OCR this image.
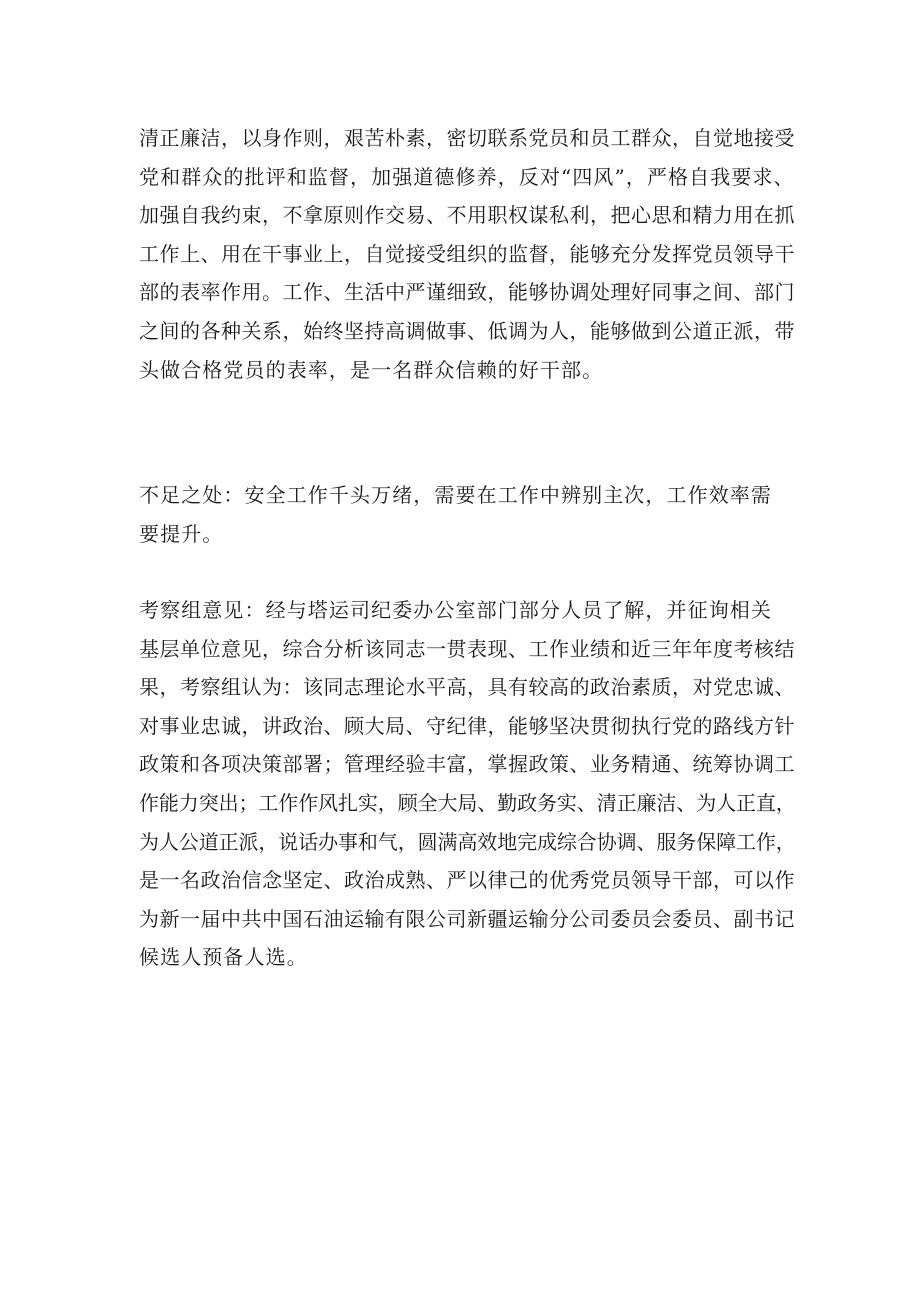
清正廉洁，以身作则，艰苦朴素，密切联系党员和员工群众，自觉地接受
党和群众的批评和监督，加强道德修养，反对“四风”，严格自我要求、
加强自我约束，不拿原则作交易、不用职权谋私利，把心思和精力用在抓
工作上、用在干事业上，自觉接受组织的监督，能够充分发挥党员领导干
部的表率作用。工作、生活中严谨细致，能够协调处理好同事之间、部门
之间的各种关系，始终坚持高调做事、低调为人，能够做到公道正派，带
头做合格党员的表率，是一名群众信赖的好干部。
不足之处：安全工作千头万绪，需要在工作中辨别主次，工作效率需
要提升。
考察组意见：经与塔运司纪委办公室部门部分人员了解，并征询相关
基层单位意见，综合分析该同志一贯表现、工作业绩和近三年年度考核结
果，考察组认为：该同志理论水平高，具有较高的政治素质，对党忠诚、
对事业忠诚，讲政治、顾大局、守纪律，能够坚决贯彻执行党的路线方针
政策和各项决策部署；管理经验丰富，掌握政策、业务精通、统筹协调工
作能力突出；工作作风扎实，顾全大局、勤政务实、清正廉洁、为人正直，
为人公道正派，说话办事和气，圆满高效地完成综合协调、服务保障工作，
是一名政治信念坚定、政治成熟、严以律己的优秀党员领导干部，可以作
为新一届中共中国石油运输有限公司新疆运输分公司委员会委员、副书记
候选人预备人选。
